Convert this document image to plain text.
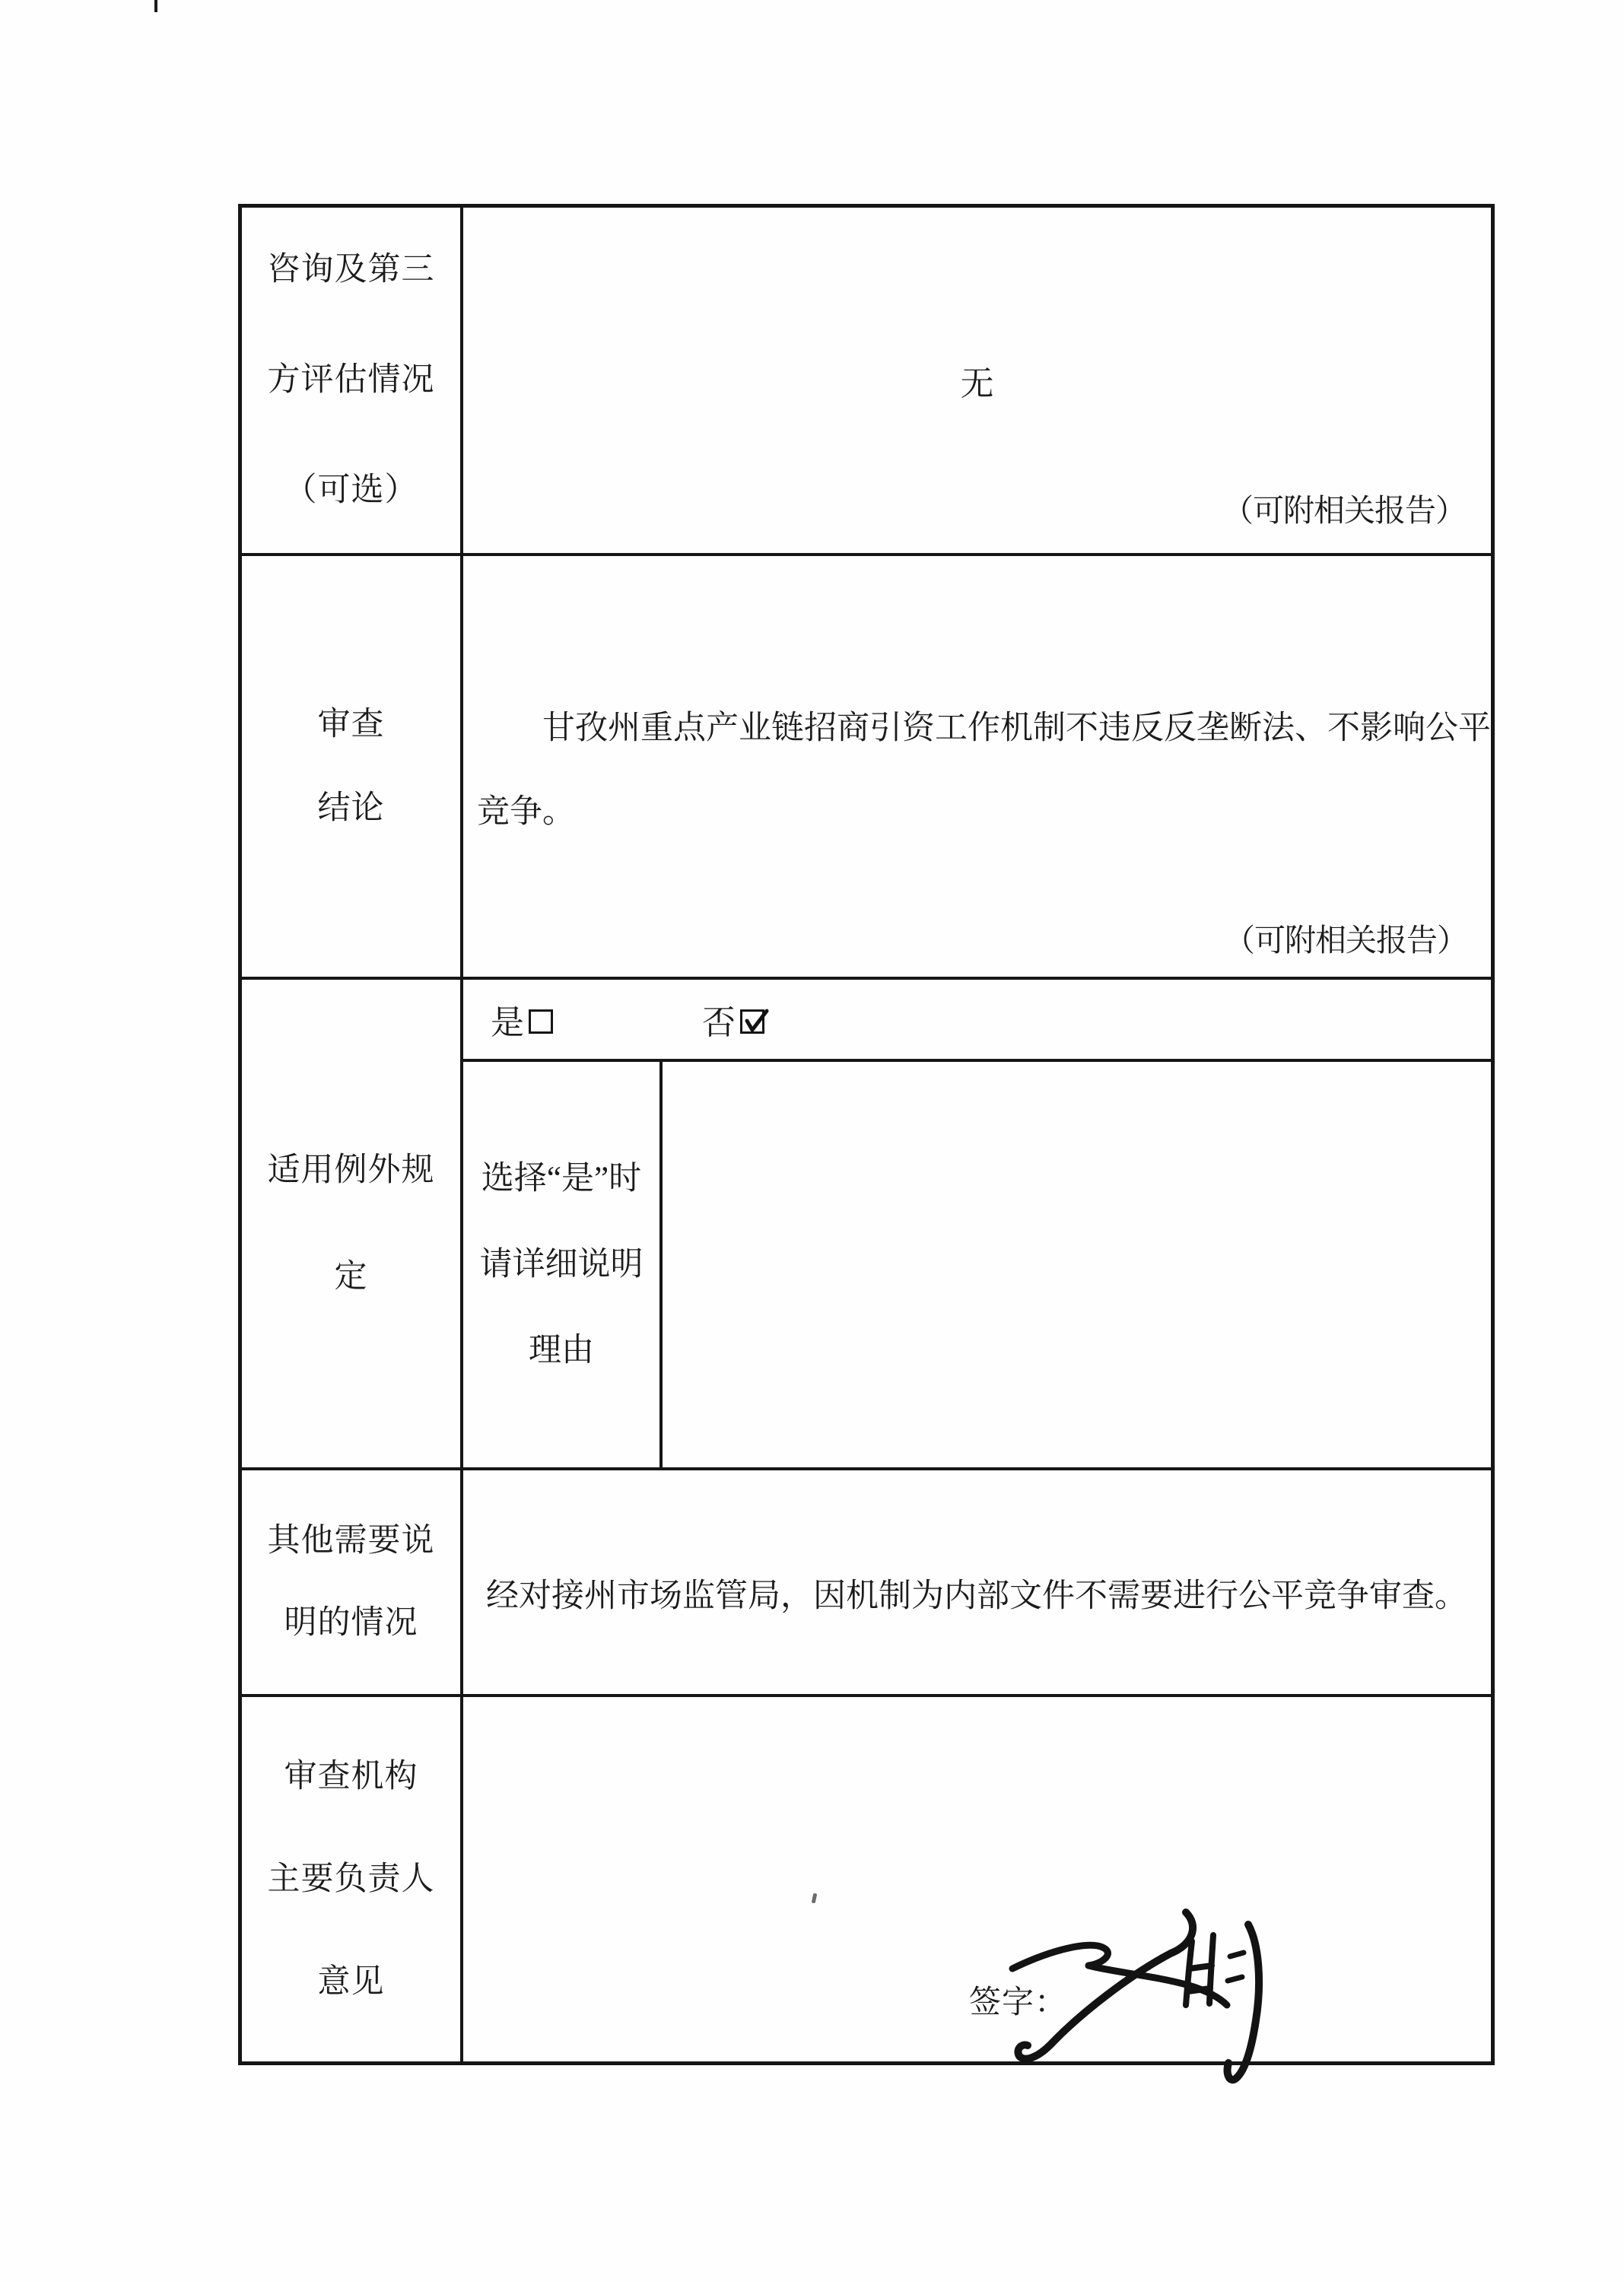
咨询及第三
方评估情况
（可选）
无
（可附相关报告）
审查
结论
甘孜州重点产业链招商引资工作机制不违反反垄断法、不影响公平
竞争。
（可附相关报告）
适用例外规
定
是	否
选择“是”时
请详细说明
理由
其他需要说
明的情况
经对接州市场监管局，因机制为内部文件不需要进行公平竞争审查。
审查机构
主要负责人
意见
签字：
